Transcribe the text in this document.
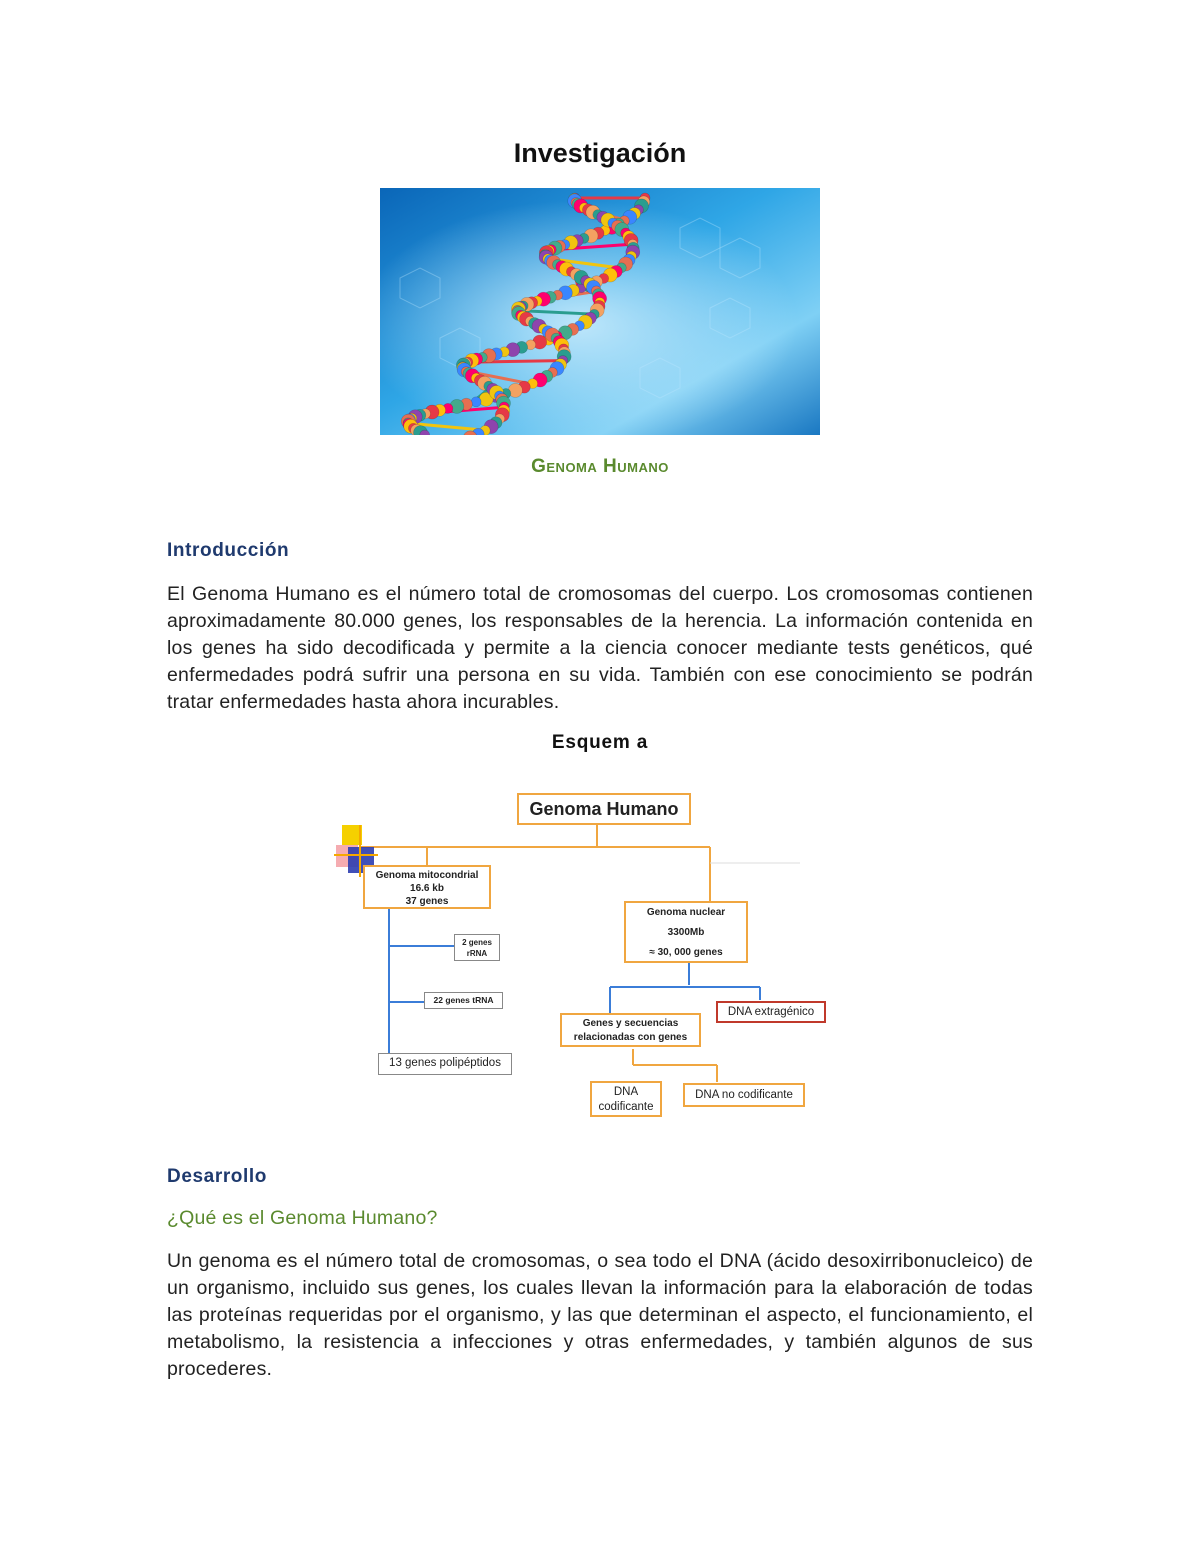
Investigación
Genoma Humano
Introducción
El Genoma Humano es el número total de cromosomas del cuerpo. Los cromosomas contienen aproximadamente 80.000 genes, los responsables de la herencia. La información contenida en los genes ha sido decodificada y permite a la ciencia conocer mediante tests genéticos, qué enfermedades podrá sufrir una persona en su vida. También con ese conocimiento se podrán tratar enfermedades hasta ahora incurables.
Esquem a
Genoma Humano
Genoma mitocondrial
16.6 kb
37 genes
2 genes
rRNA
22 genes tRNA
13 genes polipéptidos
Genoma nuclear
3300Mb
≈ 30, 000 genes
DNA extragénico
Genes y secuencias
relacionadas con genes
DNA
codificante
DNA no codificante
Desarrollo
¿Qué es el Genoma Humano?
Un genoma es el número total de cromosomas, o sea todo el DNA (ácido desoxirribonucleico) de un organismo, incluido sus genes, los cuales llevan la información para la elaboración de todas las proteínas requeridas por el organismo, y las que determinan el aspecto, el funcionamiento, el metabolismo, la resistencia a infecciones y otras enfermedades, y también algunos de sus procederes.
